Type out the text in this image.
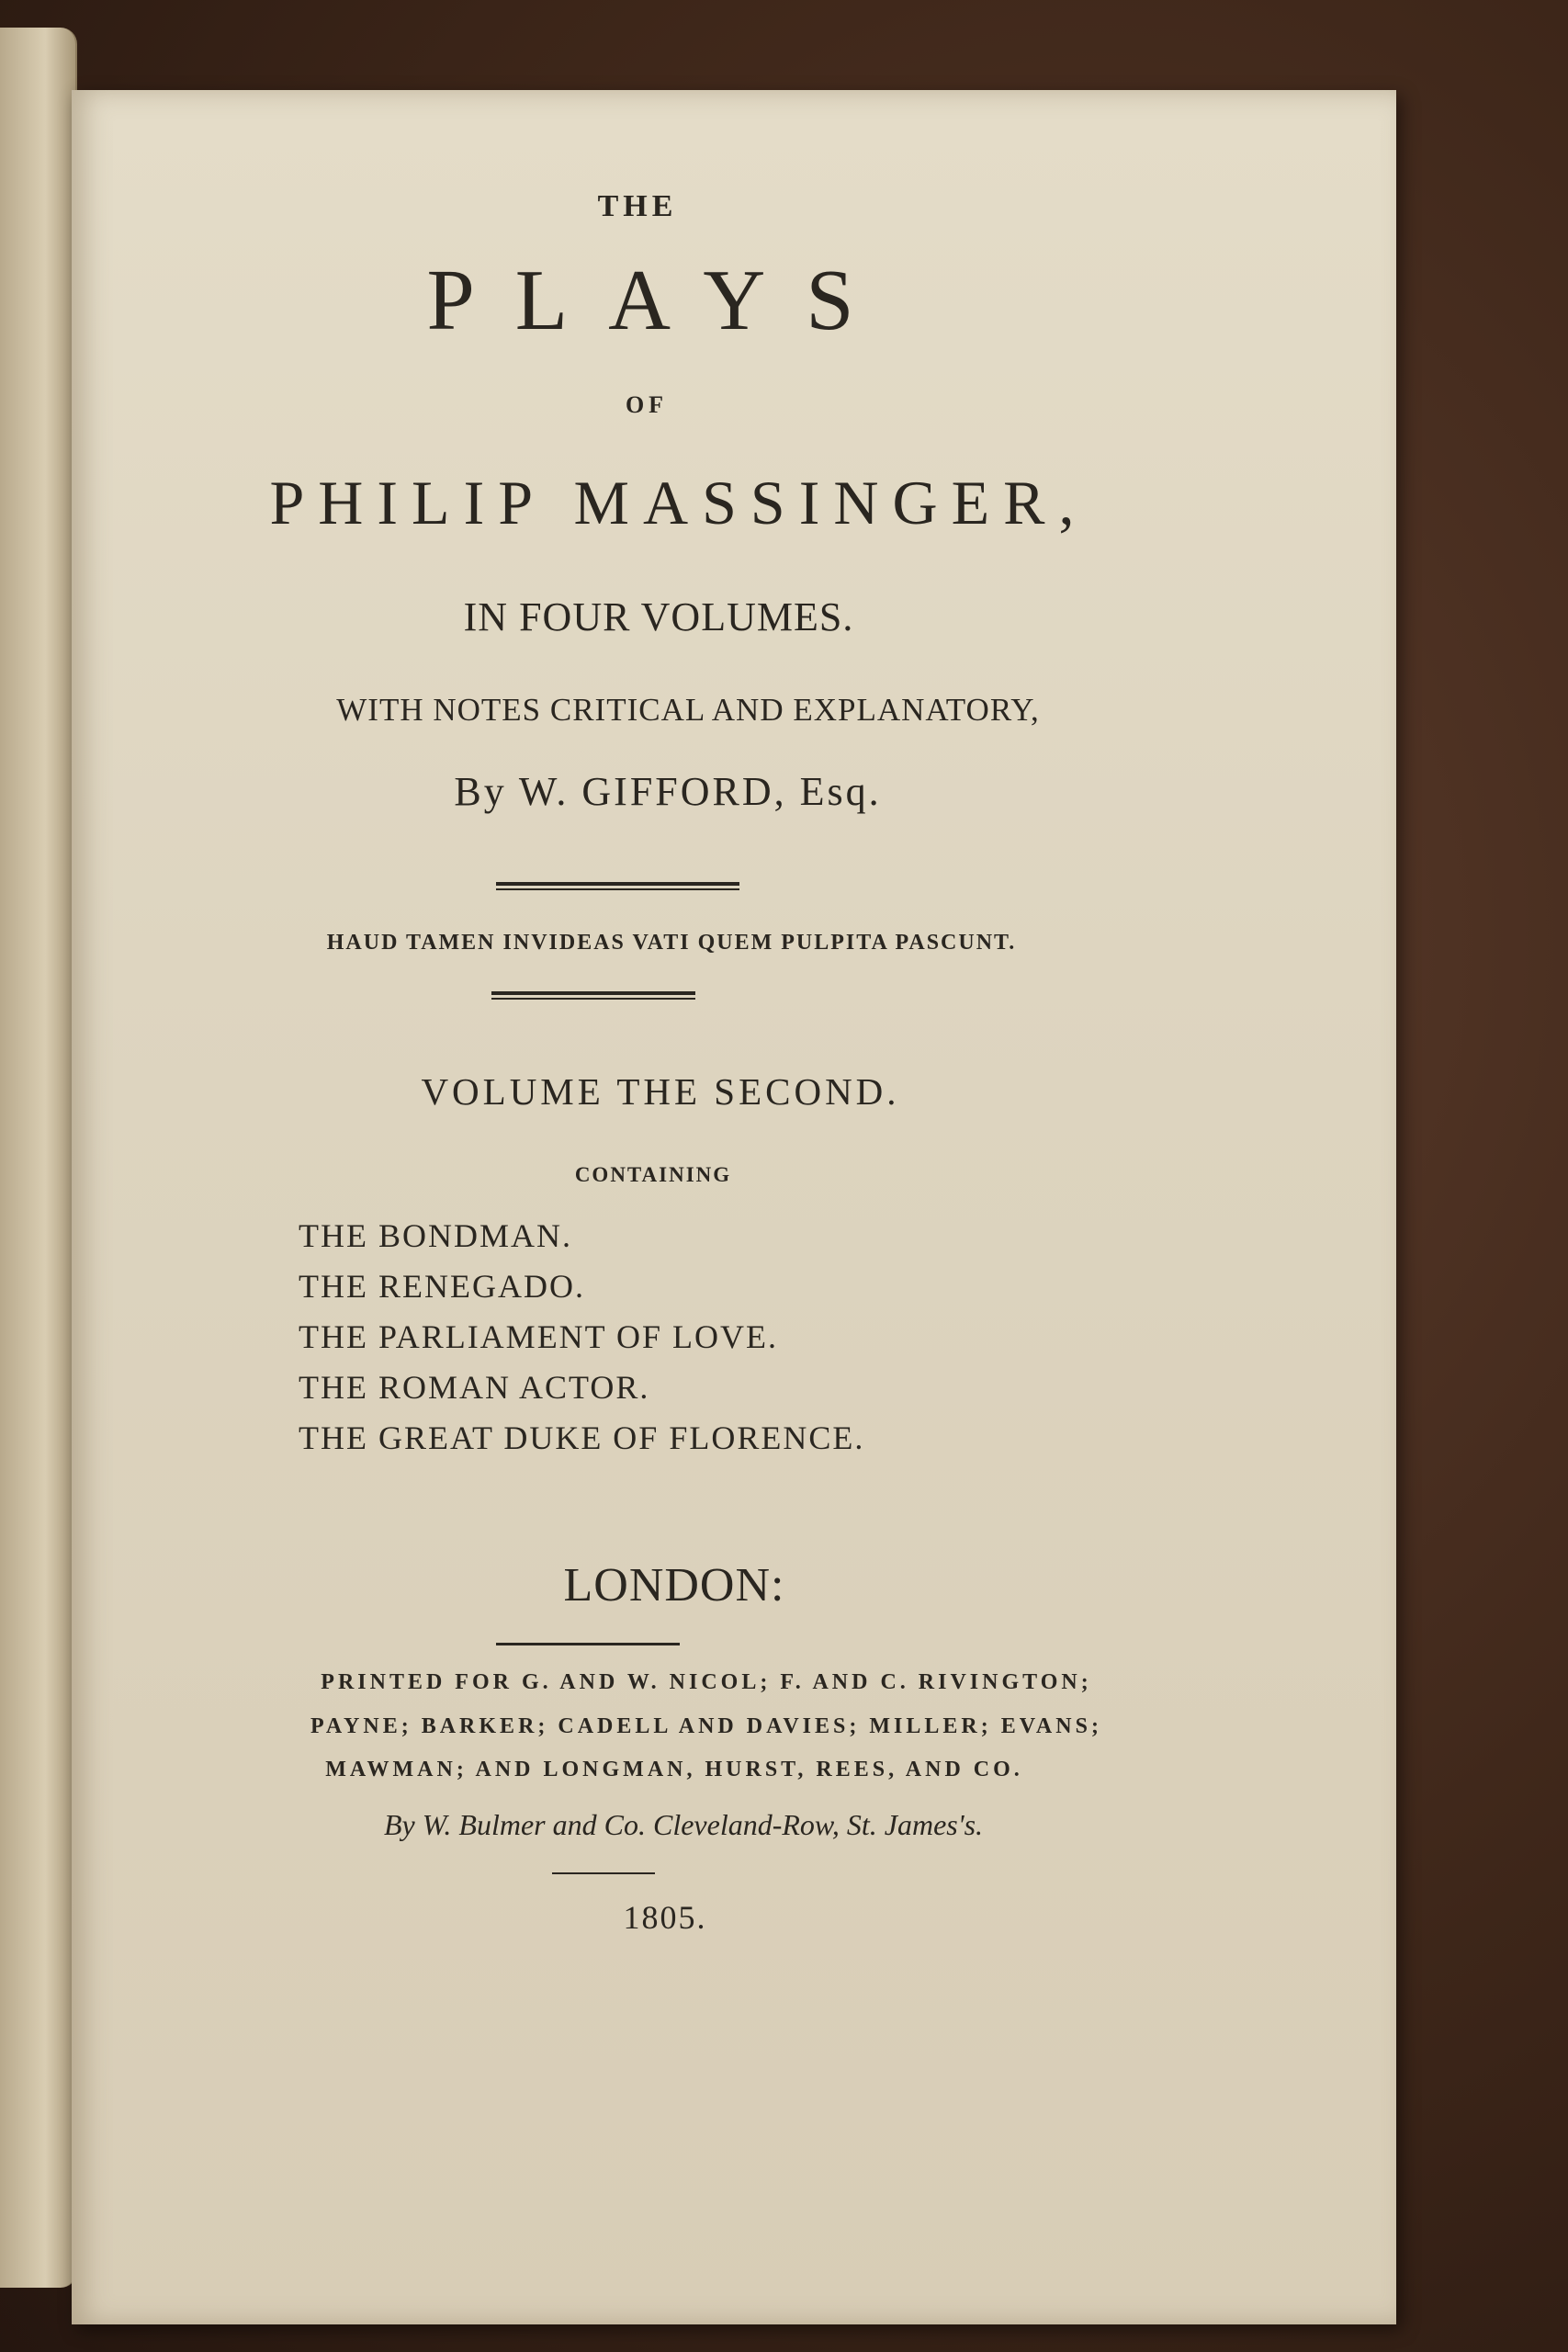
THE
PLAYS
OF
PHILIP MASSINGER,
IN FOUR VOLUMES.
WITH NOTES CRITICAL AND EXPLANATORY,
By W. GIFFORD, Esq.
HAUD TAMEN INVIDEAS VATI QUEM PULPITA PASCUNT.
VOLUME THE SECOND.
CONTAINING
THE BONDMAN.
THE RENEGADO.
THE PARLIAMENT OF LOVE.
THE ROMAN ACTOR.
THE GREAT DUKE OF FLORENCE.
LONDON:
PRINTED FOR G. AND W. NICOL; F. AND C. RIVINGTON;
PAYNE; BARKER; CADELL AND DAVIES; MILLER; EVANS;
MAWMAN; AND LONGMAN, HURST, REES, AND CO.
By W. Bulmer and Co. Cleveland-Row, St. James's.
1805.
